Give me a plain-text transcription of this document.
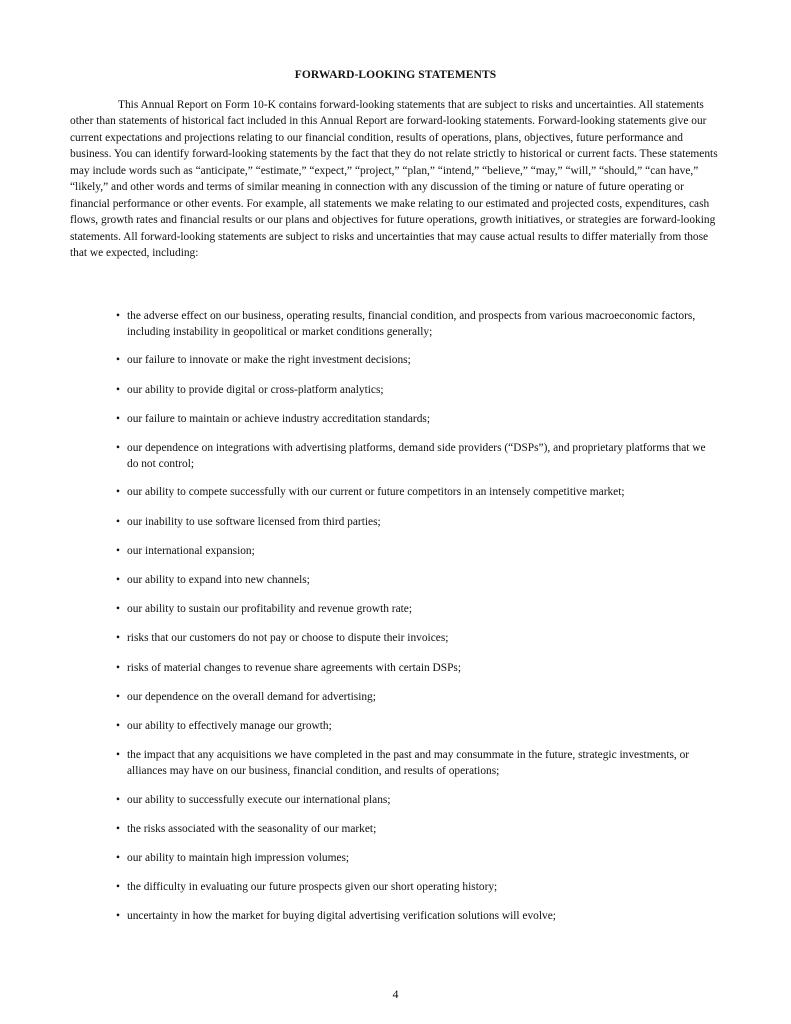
FORWARD-LOOKING STATEMENTS

This Annual Report on Form 10-K contains forward-looking statements that are subject to risks and uncertainties. All statements other than statements of historical fact included in this Annual Report are forward-looking statements. Forward-looking statements give our current expectations and projections relating to our financial condition, results of operations, plans, objectives, future performance and business. You can identify forward-looking statements by the fact that they do not relate strictly to historical or current facts. These statements may include words such as “anticipate,” “estimate,” “expect,” “project,” “plan,” “intend,” “believe,” “may,” “will,” “should,” “can have,” “likely,” and other words and terms of similar meaning in connection with any discussion of the timing or nature of future operating or financial performance or other events. For example, all statements we make relating to our estimated and projected costs, expenditures, cash flows, growth rates and financial results or our plans and objectives for future operations, growth initiatives, or strategies are forward-looking statements. All forward-looking statements are subject to risks and uncertainties that may cause actual results to differ materially from those that we expected, including:

• the adverse effect on our business, operating results, financial condition, and prospects from various macroeconomic factors, including instability in geopolitical or market conditions generally;
• our failure to innovate or make the right investment decisions;
• our ability to provide digital or cross-platform analytics;
• our failure to maintain or achieve industry accreditation standards;
• our dependence on integrations with advertising platforms, demand side providers (“DSPs”), and proprietary platforms that we do not control;
• our ability to compete successfully with our current or future competitors in an intensely competitive market;
• our inability to use software licensed from third parties;
• our international expansion;
• our ability to expand into new channels;
• our ability to sustain our profitability and revenue growth rate;
• risks that our customers do not pay or choose to dispute their invoices;
• risks of material changes to revenue share agreements with certain DSPs;
• our dependence on the overall demand for advertising;
• our ability to effectively manage our growth;
• the impact that any acquisitions we have completed in the past and may consummate in the future, strategic investments, or alliances may have on our business, financial condition, and results of operations;
• our ability to successfully execute our international plans;
• the risks associated with the seasonality of our market;
• our ability to maintain high impression volumes;
• the difficulty in evaluating our future prospects given our short operating history;
• uncertainty in how the market for buying digital advertising verification solutions will evolve;
4
